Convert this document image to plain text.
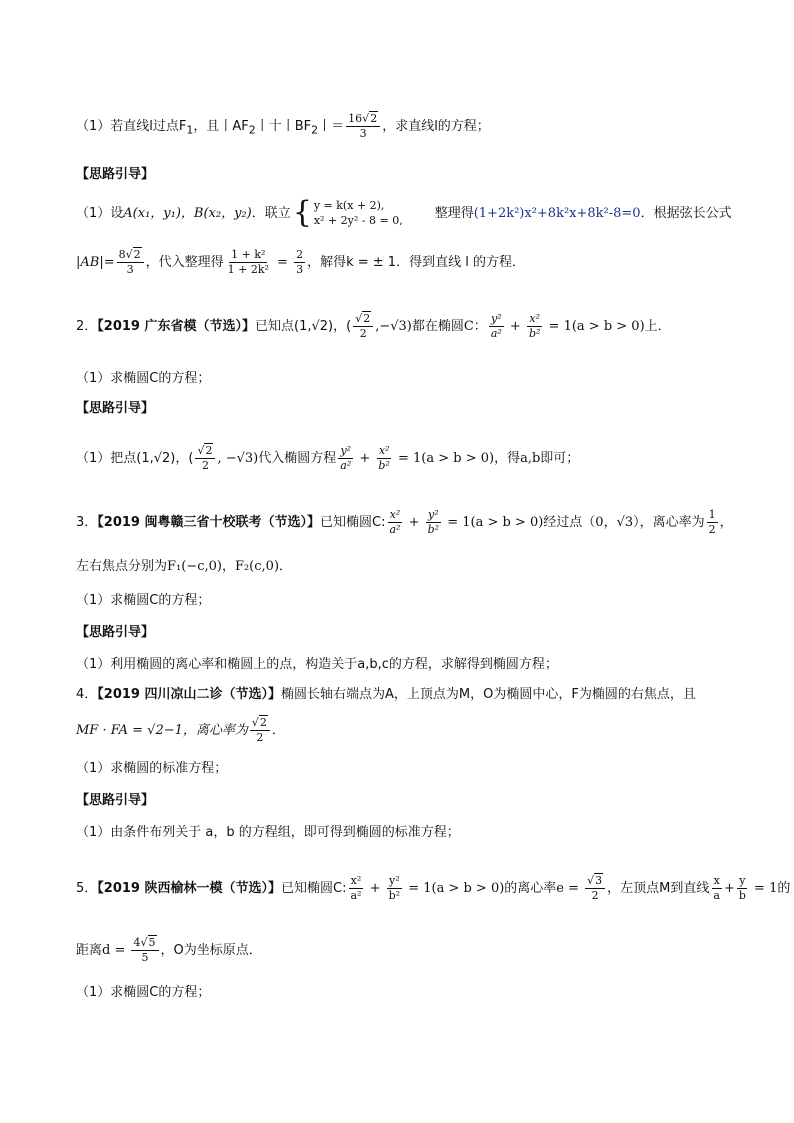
（1）若直线l过点$F_1$，且丨$AF_2$丨十丨$BF_2$丨＝ $\frac{16√2}{3}$ ，求直线l的方程；
【思路引导】
（1）设A(x₁，y₁)，B(x₂，y₂)．联立 { y = k(x + 2),
x² + 2y² - 8 = 0, 整理得(1+2k²)x²+8k²x+8k²-8=0．根据弦长公式
$|AB|= \frac{8√2}{3}$ ，代入整理得 $\frac{\text{1 + k²}}{\text{1 + 2k²}} = \frac{2}{3}$ ，解得k = ± 1．得到直线 l 的方程．
2．【2019 广东省模（节选）】已知点(1,√2)，( $\frac{√2}{2} ,-√3$)都在椭圆C： $\frac{\text{y²}}{\text{a²}} + \frac{\text{x²}}{\text{b²}} = 1(a > b > 0)$上．
（1）求椭圆C的方程；
【思路引导】
（1）把点(1,√2)，( $\frac{√2}{2}$ , −√3)代入椭圆方程 $\frac{\text{y²}}{\text{a²}} + \frac{\text{x²}}{\text{b²}} = 1(a > b > 0)$，得a,b即可；
3．【2019 闽粤赣三省十校联考（节选）】已知椭圆C: $\frac{\text{x²}}{\text{a²}} + \frac{\text{y²}}{\text{b²}} = 1(a > b > 0)$经过点（0，√3），离心率为 $\frac{1}{2}$ ，
左右焦点分别为F₁(−c,0)，F₂(c,0)．
（1）求椭圆C的方程；
【思路引导】
（1）利用椭圆的离心率和椭圆上的点，构造关于a,b,c的方程，求解得到椭圆方程；
4．【2019 四川凉山二诊（节选）】椭圆长轴右端点为A，上顶点为M，O为椭圆中心，F为椭圆的右焦点，且
MF · FA = √2−1，离心率为 $\frac{√2}{2}$ ．
（1）求椭圆的标准方程；
【思路引导】
（1）由条件布列关于 a，b 的方程组，即可得到椭圆的标准方程；
5．【2019 陕西榆林一模（节选）】已知椭圆C: $\frac{\text{x²}}{\text{a²}} + \frac{\text{y²}}{\text{b²}} = 1(a > b > 0)$的离心率$e = \frac{√3}{2}$ ，左顶点M到直线 $\frac{x}{a} + \frac{y}{b} = 1$的
距离$d = \frac{4√5}{5}$ ，O为坐标原点．
（1）求椭圆C的方程；
